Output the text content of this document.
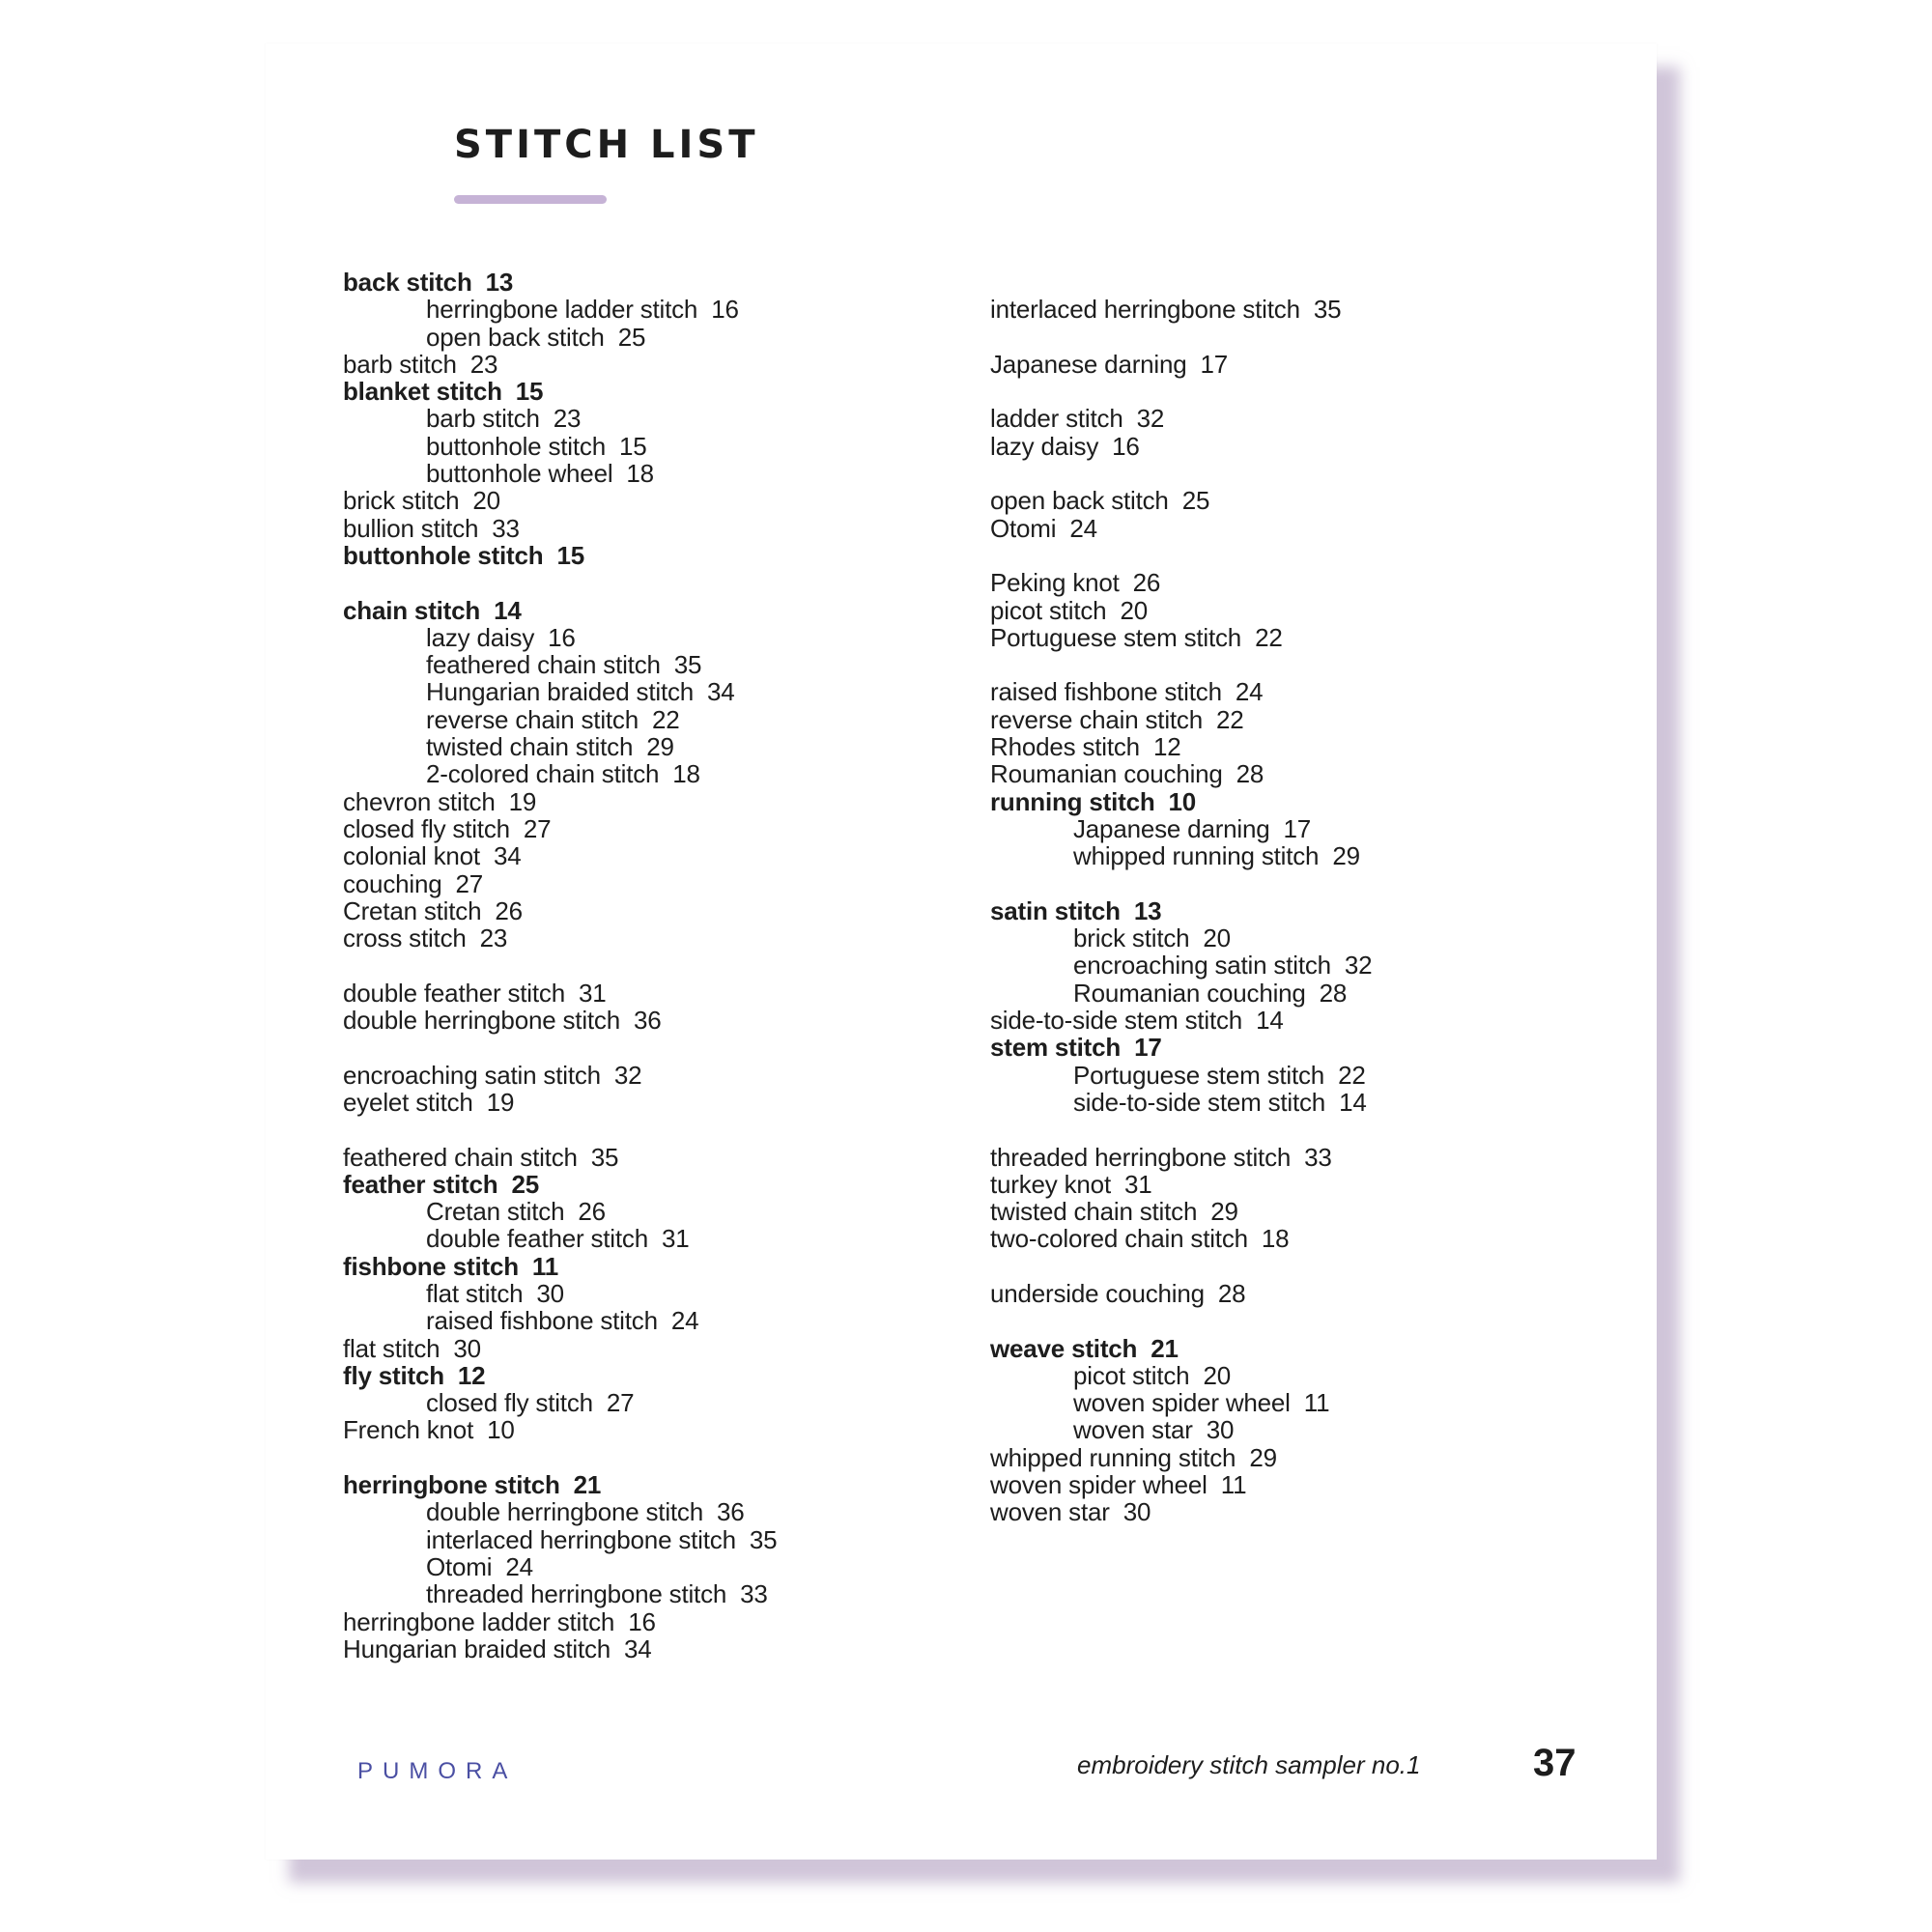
STITCH LIST
back stitch 13
herringbone ladder stitch 16
open back stitch 25
barb stitch 23
blanket stitch 15
barb stitch 23
buttonhole stitch 15
buttonhole wheel 18
brick stitch 20
bullion stitch 33
buttonhole stitch 15
chain stitch 14
lazy daisy 16
feathered chain stitch 35
Hungarian braided stitch 34
reverse chain stitch 22
twisted chain stitch 29
2-colored chain stitch 18
chevron stitch 19
closed fly stitch 27
colonial knot 34
couching 27
Cretan stitch 26
cross stitch 23
double feather stitch 31
double herringbone stitch 36
encroaching satin stitch 32
eyelet stitch 19
feathered chain stitch 35
feather stitch 25
Cretan stitch 26
double feather stitch 31
fishbone stitch 11
flat stitch 30
raised fishbone stitch 24
flat stitch 30
fly stitch 12
closed fly stitch 27
French knot 10
herringbone stitch 21
double herringbone stitch 36
interlaced herringbone stitch 35
Otomi 24
threaded herringbone stitch 33
herringbone ladder stitch 16
Hungarian braided stitch 34
interlaced herringbone stitch 35
Japanese darning 17
ladder stitch 32
lazy daisy 16
open back stitch 25
Otomi 24
Peking knot 26
picot stitch 20
Portuguese stem stitch 22
raised fishbone stitch 24
reverse chain stitch 22
Rhodes stitch 12
Roumanian couching 28
running stitch 10
Japanese darning 17
whipped running stitch 29
satin stitch 13
brick stitch 20
encroaching satin stitch 32
Roumanian couching 28
side-to-side stem stitch 14
stem stitch 17
Portuguese stem stitch 22
side-to-side stem stitch 14
threaded herringbone stitch 33
turkey knot 31
twisted chain stitch 29
two-colored chain stitch 18
underside couching 28
weave stitch 21
picot stitch 20
woven spider wheel 11
woven star 30
whipped running stitch 29
woven spider wheel 11
woven star 30
PUMORA	embroidery stitch sampler no.1	37
